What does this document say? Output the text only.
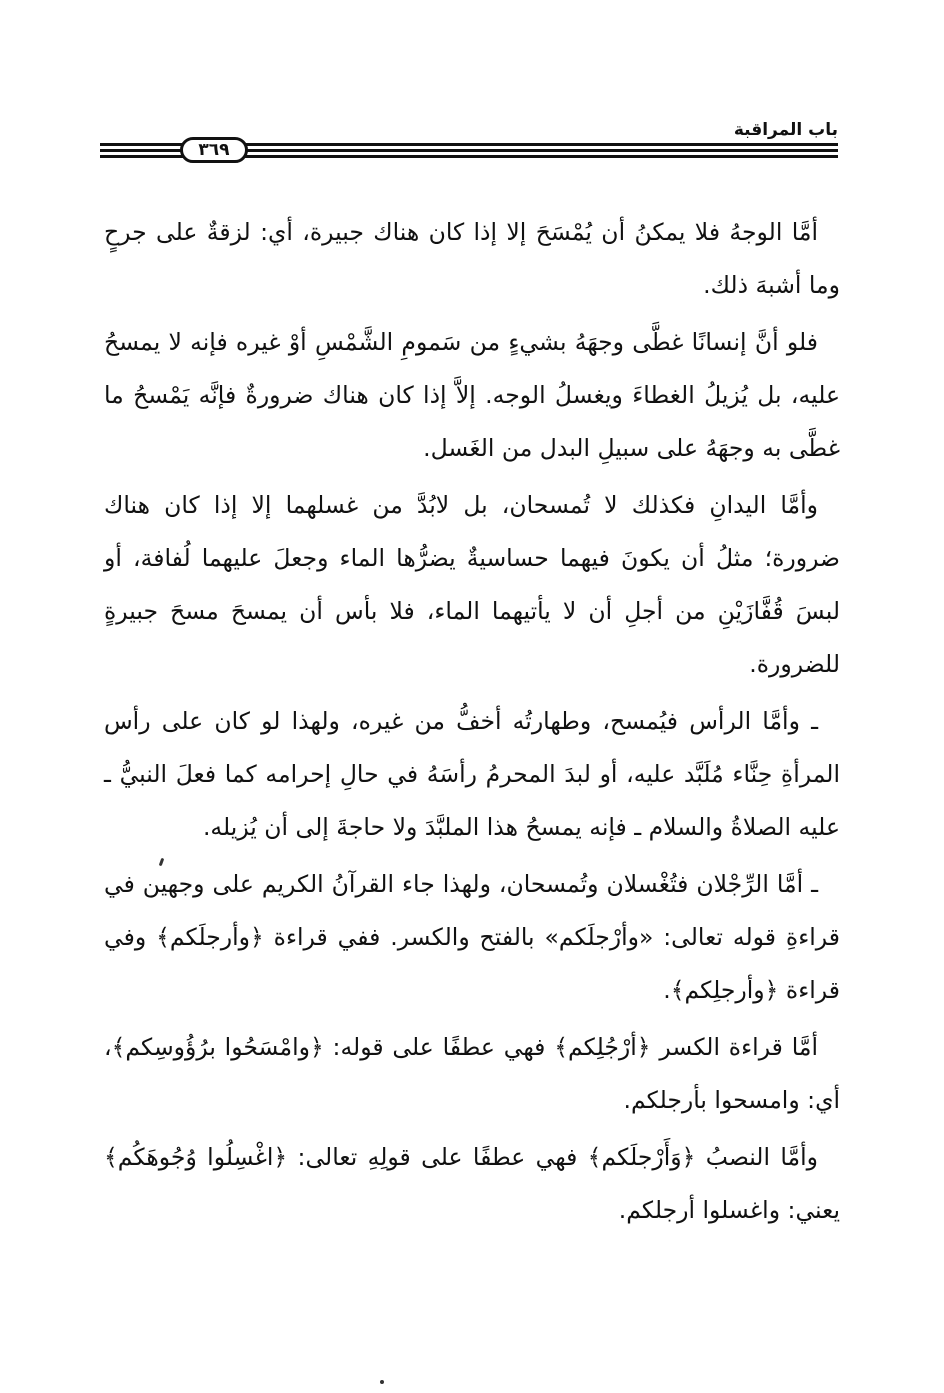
باب المراقبة
٣٦٩

أمَّا الوجهُ فلا يمكنُ أن يُمْسَحَ إلا إذا كان هناك جبيرة، أي: لزقةٌ على جرحٍ وما أشبهَ ذلك.

فلو أنَّ إنسانًا غطَّى وجهَهُ بشيءٍ من سَمومِ الشَّمْسِ أوْ غيره فإنه لا يمسحُ عليه، بل يُزيلُ الغطاءَ ويغسلُ الوجه. إلاَّ إذا كان هناك ضرورةٌ فإنَّه يَمْسحُ ما غطَّى به وجهَهُ على سبيلِ البدل من الغَسل.

وأمَّا اليدانِ فكذلك لا تُمسحان، بل لابُدَّ من غسلهما إلا إذا كان هناك ضرورة؛ مثلُ أن يكونَ فيهما حساسيةٌ يضرُّها الماء وجعلَ عليهما لُفافة، أو لبسَ قُفَّازَيْنِ من أجلِ أن لا يأتيهما الماء، فلا بأس أن يمسحَ مسحَ جبيرةٍ للضرورة.

ـ وأمَّا الرأس فيُمسح، وطهارتُه أخفُّ من غيره، ولهذا لو كان على رأس المرأةِ حِنَّاء مُلَبَّد عليه، أو لبدَ المحرمُ رأسَهُ في حالِ إحرامه كما فعلَ النبيُّ ـ عليه الصلاةُ والسلام ـ فإنه يمسحُ هذا الملبَّدَ ولا حاجةَ إلى أن يُزيله.

ـ أمَّا الرِّجْلان فتُغْسلان وتُمسحان، ولهذا جاء القرآنُ الكريم على وجهين في قراءةِ قوله تعالى: «وأرْجلَكم» بالفتح والكسر. ففي قراءة ﴿وأرجلَكم﴾ وفي قراءة ﴿وأرجلِكم﴾.

أمَّا قراءة الكسر ﴿أرْجُلِكم﴾ فهي عطفًا على قوله: ﴿وامْسَحُوا برُؤُوسِكم﴾، أي: وامسحوا بأرجلكم.

وأمَّا النصبُ ﴿وَأَرْجلَكم﴾ فهي عطفًا على قولِهِ تعالى: ﴿اغْسِلُوا وُجُوهَكُم﴾ يعني: واغسلوا أرجلكم.
